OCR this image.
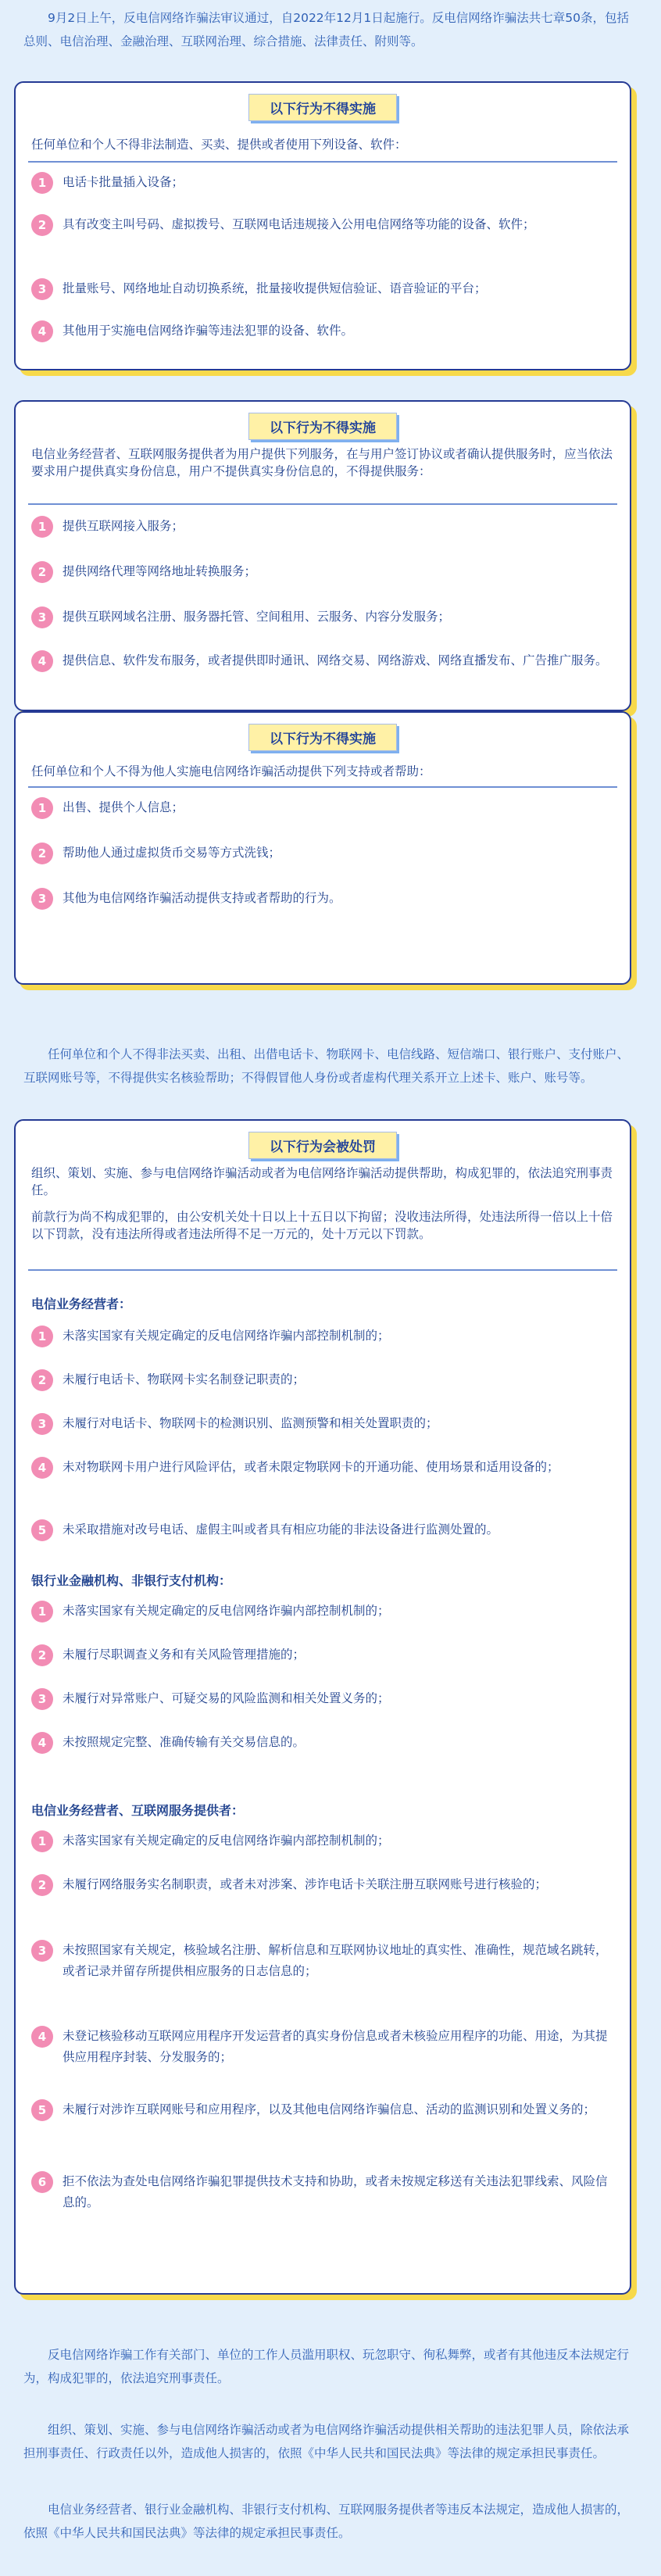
9月2日上午，反电信网络诈骗法审议通过，自2022年12月1日起施行。反电信网络诈骗法共七章50条，包括总则、电信治理、金融治理、互联网治理、综合措施、法律责任、附则等。

以下行为不得实施

任何单位和个人不得非法制造、买卖、提供或者使用下列设备、软件：

1	电话卡批量插入设备；
2	具有改变主叫号码、虚拟拨号、互联网电话违规接入公用电信网络等功能的设备、软件；
3	批量账号、网络地址自动切换系统，批量接收提供短信验证、语音验证的平台；
4	其他用于实施电信网络诈骗等违法犯罪的设备、软件。
以下行为不得实施

电信业务经营者、互联网服务提供者为用户提供下列服务，在与用户签订协议或者确认提供服务时，应当依法要求用户提供真实身份信息，用户不提供真实身份信息的，不得提供服务：

1	提供互联网接入服务；
2	提供网络代理等网络地址转换服务；
3	提供互联网域名注册、服务器托管、空间租用、云服务、内容分发服务；
4	提供信息、软件发布服务，或者提供即时通讯、网络交易、网络游戏、网络直播发布、广告推广服务。
以下行为不得实施

任何单位和个人不得为他人实施电信网络诈骗活动提供下列支持或者帮助：

1	出售、提供个人信息；
2	帮助他人通过虚拟货币交易等方式洗钱；
3	其他为电信网络诈骗活动提供支持或者帮助的行为。

任何单位和个人不得非法买卖、出租、出借电话卡、物联网卡、电信线路、短信端口、银行账户、支付账户、互联网账号等，不得提供实名核验帮助；不得假冒他人身份或者虚构代理关系开立上述卡、账户、账号等。

以下行为会被处罚

组织、策划、实施、参与电信网络诈骗活动或者为电信网络诈骗活动提供帮助，构成犯罪的，依法追究刑事责任。

前款行为尚不构成犯罪的，由公安机关处十日以上十五日以下拘留；没收违法所得，处违法所得一倍以上十倍以下罚款，没有违法所得或者违法所得不足一万元的，处十万元以下罚款。

电信业务经营者：
1	未落实国家有关规定确定的反电信网络诈骗内部控制机制的；
2	未履行电话卡、物联网卡实名制登记职责的；
3	未履行对电话卡、物联网卡的检测识别、监测预警和相关处置职责的；
4	未对物联网卡用户进行风险评估，或者未限定物联网卡的开通功能、使用场景和适用设备的；
5	未采取措施对改号电话、虚假主叫或者具有相应功能的非法设备进行监测处置的。
银行业金融机构、非银行支付机构：
1	未落实国家有关规定确定的反电信网络诈骗内部控制机制的；
2	未履行尽职调查义务和有关风险管理措施的；
3	未履行对异常账户、可疑交易的风险监测和相关处置义务的；
4	未按照规定完整、准确传输有关交易信息的。
电信业务经营者、互联网服务提供者：
1	未落实国家有关规定确定的反电信网络诈骗内部控制机制的；
2	未履行网络服务实名制职责，或者未对涉案、涉诈电话卡关联注册互联网账号进行核验的；
3	未按照国家有关规定，核验域名注册、解析信息和互联网协议地址的真实性、准确性，规范域名跳转，或者记录并留存所提供相应服务的日志信息的；
4	未登记核验移动互联网应用程序开发运营者的真实身份信息或者未核验应用程序的功能、用途，为其提供应用程序封装、分发服务的；
5	未履行对涉诈互联网账号和应用程序，以及其他电信网络诈骗信息、活动的监测识别和处置义务的；
6	拒不依法为查处电信网络诈骗犯罪提供技术支持和协助，或者未按规定移送有关违法犯罪线索、风险信息的。

反电信网络诈骗工作有关部门、单位的工作人员滥用职权、玩忽职守、徇私舞弊，或者有其他违反本法规定行为，构成犯罪的，依法追究刑事责任。

组织、策划、实施、参与电信网络诈骗活动或者为电信网络诈骗活动提供相关帮助的违法犯罪人员，除依法承担刑事责任、行政责任以外，造成他人损害的，依照《中华人民共和国民法典》等法律的规定承担民事责任。

电信业务经营者、银行业金融机构、非银行支付机构、互联网服务提供者等违反本法规定，造成他人损害的，依照《中华人民共和国民法典》等法律的规定承担民事责任。
